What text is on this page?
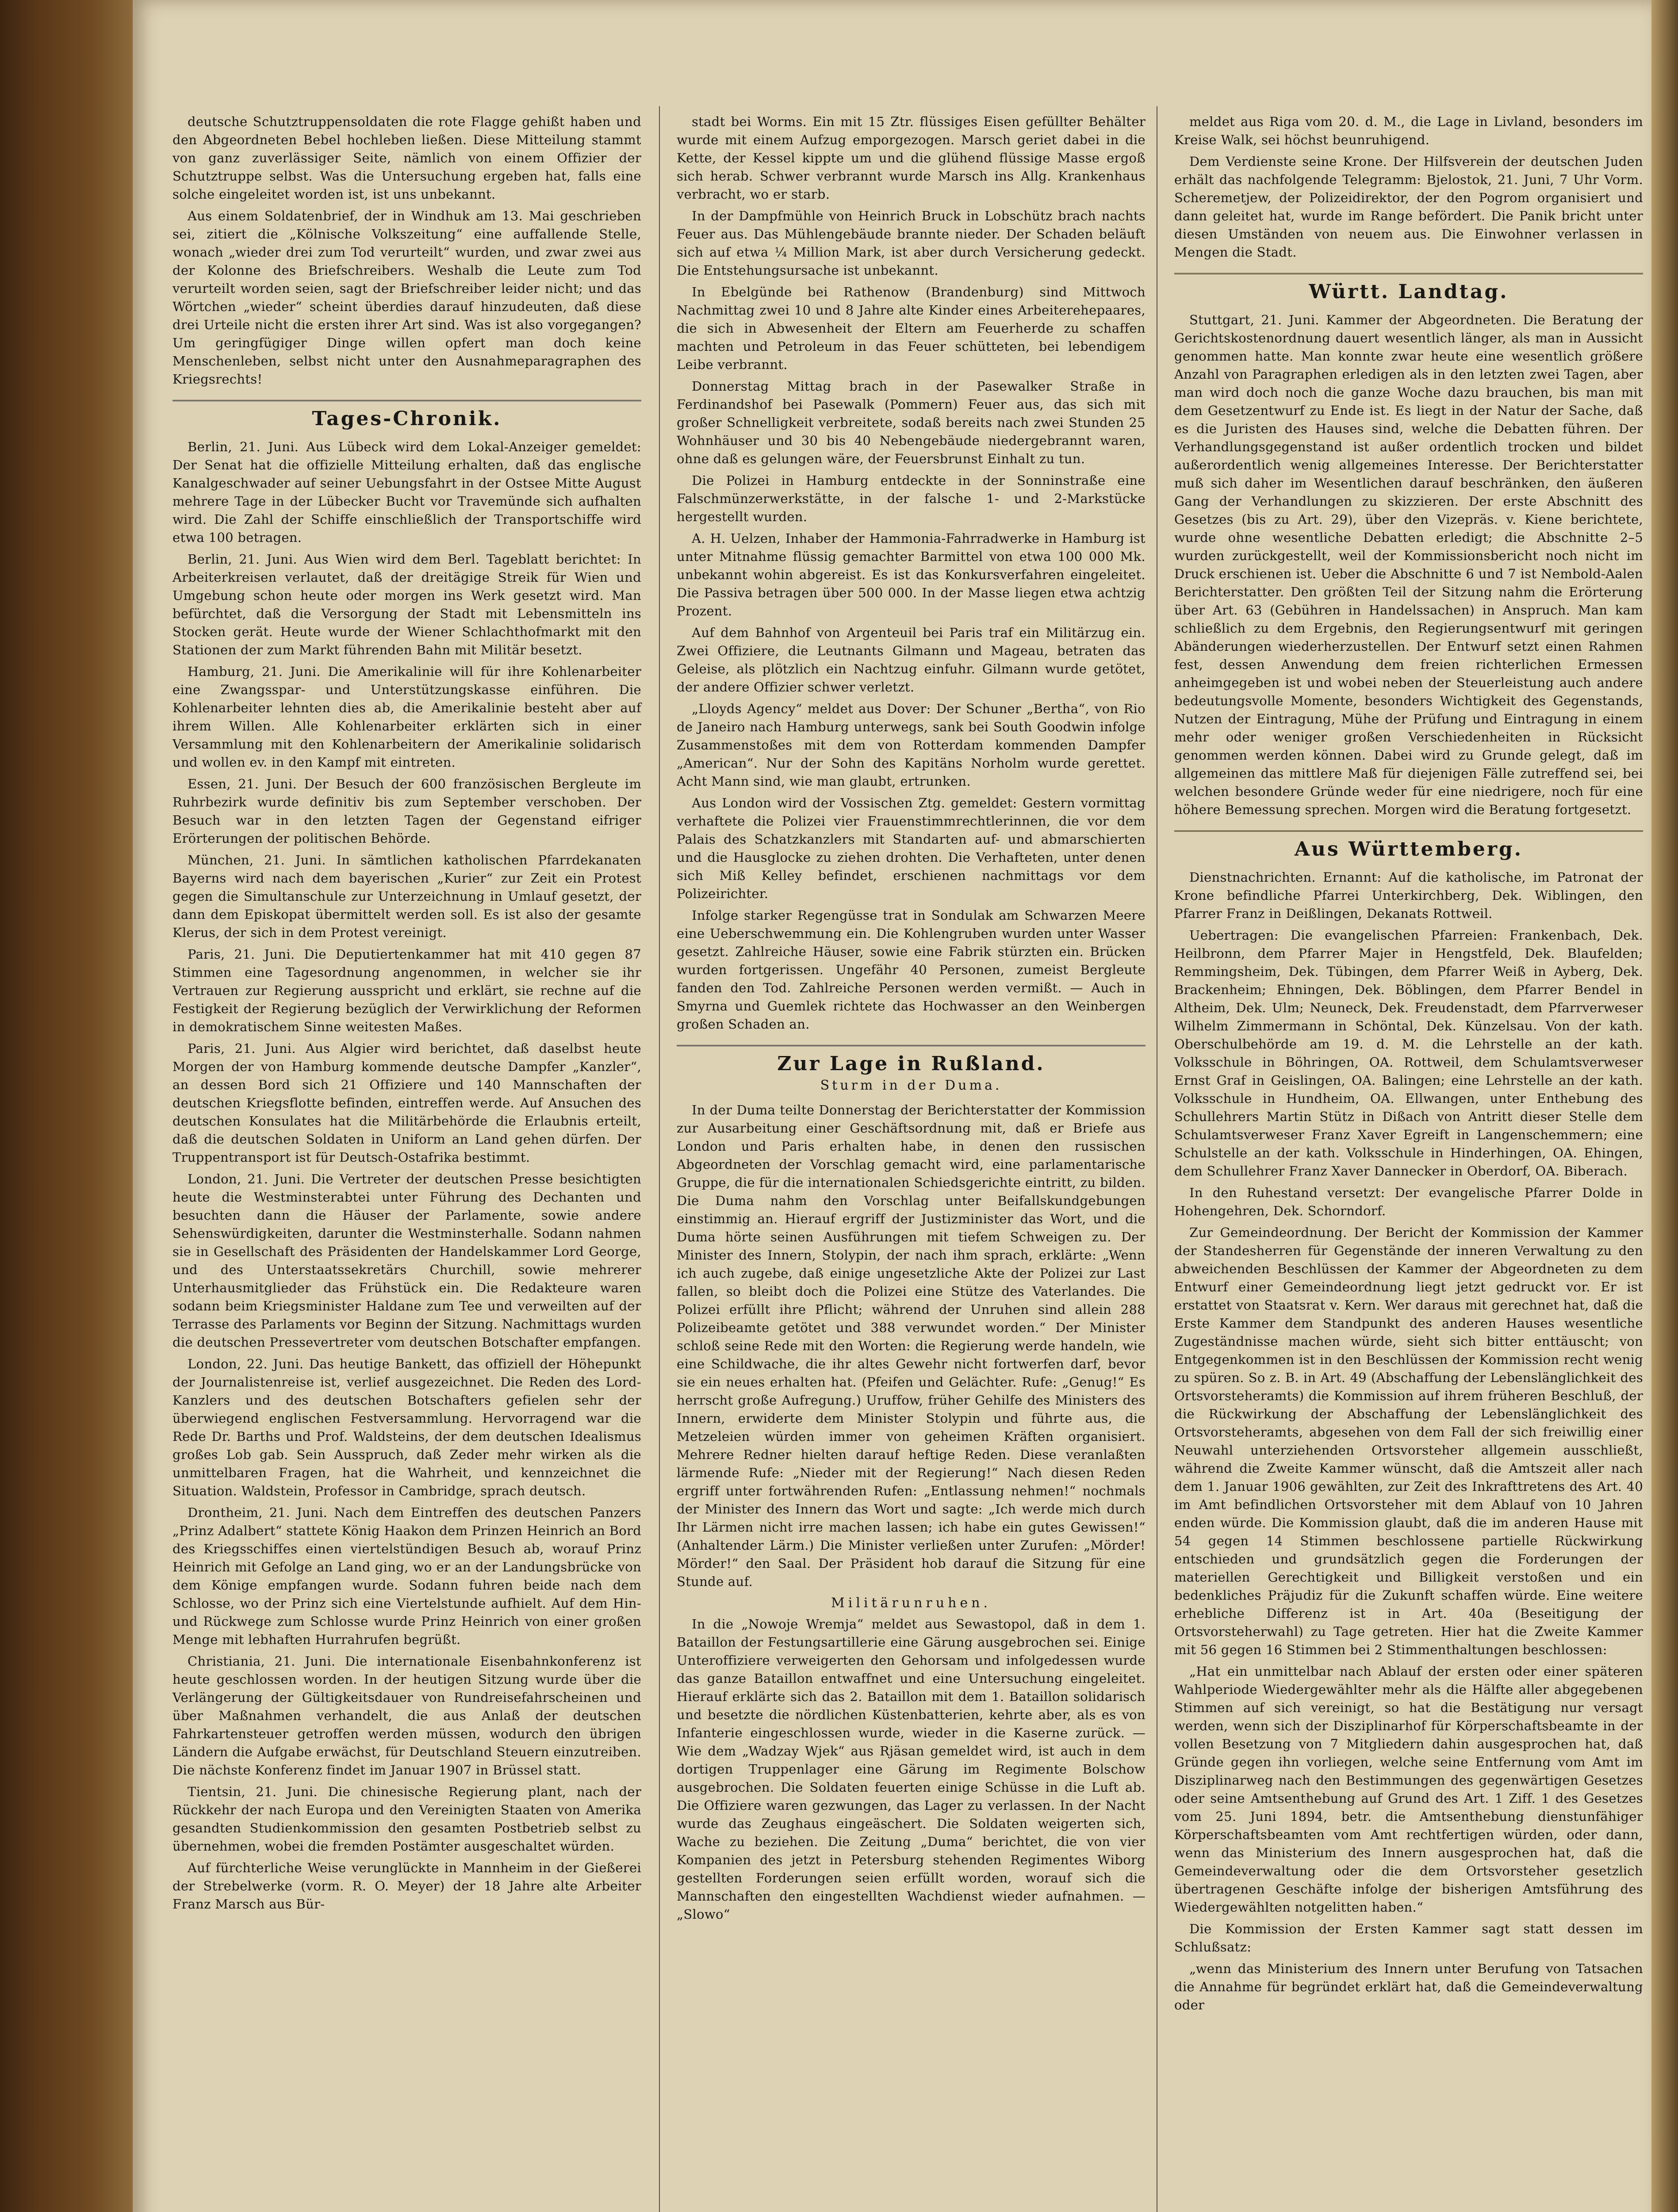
deutsche Schutztruppensoldaten die rote Flagge gehißt haben und den Abgeordneten Bebel hochleben ließen. Diese Mitteilung stammt von ganz zuverlässiger Seite, nämlich von einem Offizier der Schutztruppe selbst. Was die Untersuchung ergeben hat, falls eine solche eingeleitet worden ist, ist uns unbekannt.

Aus einem Soldatenbrief, der in Windhuk am 13. Mai geschrieben sei, zitiert die „Kölnische Volkszeitung“ eine auffallende Stelle, wonach „wieder drei zum Tod verurteilt“ wurden, und zwar zwei aus der Kolonne des Briefschreibers. Weshalb die Leute zum Tod verurteilt worden seien, sagt der Briefschreiber leider nicht; und das Wörtchen „wieder“ scheint überdies darauf hinzudeuten, daß diese drei Urteile nicht die ersten ihrer Art sind. Was ist also vorgegangen? Um geringfügiger Dinge willen opfert man doch keine Menschenleben, selbst nicht unter den Ausnahmeparagraphen des Kriegsrechts!

Tages-Chronik.

Berlin, 21. Juni. Aus Lübeck wird dem Lokal-Anzeiger gemeldet: Der Senat hat die offizielle Mitteilung erhalten, daß das englische Kanalgeschwader auf seiner Uebungsfahrt in der Ostsee Mitte August mehrere Tage in der Lübecker Bucht vor Travemünde sich aufhalten wird. Die Zahl der Schiffe einschließlich der Transportschiffe wird etwa 100 betragen.

Berlin, 21. Juni. Aus Wien wird dem Berl. Tageblatt berichtet: In Arbeiterkreisen verlautet, daß der dreitägige Streik für Wien und Umgebung schon heute oder morgen ins Werk gesetzt wird. Man befürchtet, daß die Versorgung der Stadt mit Lebensmitteln ins Stocken gerät. Heute wurde der Wiener Schlachthofmarkt mit den Stationen der zum Markt führenden Bahn mit Militär besetzt.

Hamburg, 21. Juni. Die Amerikalinie will für ihre Kohlenarbeiter eine Zwangsspar- und Unterstützungskasse einführen. Die Kohlenarbeiter lehnten dies ab, die Amerikalinie besteht aber auf ihrem Willen. Alle Kohlenarbeiter erklärten sich in einer Versammlung mit den Kohlenarbeitern der Amerikalinie solidarisch und wollen ev. in den Kampf mit eintreten.

Essen, 21. Juni. Der Besuch der 600 französischen Bergleute im Ruhrbezirk wurde definitiv bis zum September verschoben. Der Besuch war in den letzten Tagen der Gegenstand eifriger Erörterungen der politischen Behörde.

München, 21. Juni. In sämtlichen katholischen Pfarrdekanaten Bayerns wird nach dem bayerischen „Kurier“ zur Zeit ein Protest gegen die Simultanschule zur Unterzeichnung in Umlauf gesetzt, der dann dem Episkopat übermittelt werden soll. Es ist also der gesamte Klerus, der sich in dem Protest vereinigt.

Paris, 21. Juni. Die Deputiertenkammer hat mit 410 gegen 87 Stimmen eine Tagesordnung angenommen, in welcher sie ihr Vertrauen zur Regierung ausspricht und erklärt, sie rechne auf die Festigkeit der Regierung bezüglich der Verwirklichung der Reformen in demokratischem Sinne weitesten Maßes.

Paris, 21. Juni. Aus Algier wird berichtet, daß daselbst heute Morgen der von Hamburg kommende deutsche Dampfer „Kanzler“, an dessen Bord sich 21 Offiziere und 140 Mannschaften der deutschen Kriegsflotte befinden, eintreffen werde. Auf Ansuchen des deutschen Konsulates hat die Militärbehörde die Erlaubnis erteilt, daß die deutschen Soldaten in Uniform an Land gehen dürfen. Der Truppentransport ist für Deutsch-Ostafrika bestimmt.

London, 21. Juni. Die Vertreter der deutschen Presse besichtigten heute die Westminsterabtei unter Führung des Dechanten und besuchten dann die Häuser der Parlamente, sowie andere Sehenswürdigkeiten, darunter die Westminsterhalle. Sodann nahmen sie in Gesellschaft des Präsidenten der Handelskammer Lord George, und des Unterstaatssekretärs Churchill, sowie mehrerer Unterhausmitglieder das Frühstück ein. Die Redakteure waren sodann beim Kriegsminister Haldane zum Tee und verweilten auf der Terrasse des Parlaments vor Beginn der Sitzung. Nachmittags wurden die deutschen Pressevertreter vom deutschen Botschafter empfangen.

London, 22. Juni. Das heutige Bankett, das offiziell der Höhepunkt der Journalistenreise ist, verlief ausgezeichnet. Die Reden des Lord-Kanzlers und des deutschen Botschafters gefielen sehr der überwiegend englischen Festversammlung. Hervorragend war die Rede Dr. Barths und Prof. Waldsteins, der dem deutschen Idealismus großes Lob gab. Sein Ausspruch, daß Zeder mehr wirken als die unmittelbaren Fragen, hat die Wahrheit, und kennzeichnet die Situation. Waldstein, Professor in Cambridge, sprach deutsch.

Drontheim, 21. Juni. Nach dem Eintreffen des deutschen Panzers „Prinz Adalbert“ stattete König Haakon dem Prinzen Heinrich an Bord des Kriegsschiffes einen viertelstündigen Besuch ab, worauf Prinz Heinrich mit Gefolge an Land ging, wo er an der Landungsbrücke von dem Könige empfangen wurde. Sodann fuhren beide nach dem Schlosse, wo der Prinz sich eine Viertelstunde aufhielt. Auf dem Hin- und Rückwege zum Schlosse wurde Prinz Heinrich von einer großen Menge mit lebhaften Hurrahrufen begrüßt.

Christiania, 21. Juni. Die internationale Eisenbahnkonferenz ist heute geschlossen worden. In der heutigen Sitzung wurde über die Verlängerung der Gültigkeitsdauer von Rundreisefahrscheinen und über Maßnahmen verhandelt, die aus Anlaß der deutschen Fahrkartensteuer getroffen werden müssen, wodurch den übrigen Ländern die Aufgabe erwächst, für Deutschland Steuern einzutreiben. Die nächste Konferenz findet im Januar 1907 in Brüssel statt.

Tientsin, 21. Juni. Die chinesische Regierung plant, nach der Rückkehr der nach Europa und den Vereinigten Staaten von Amerika gesandten Studienkommission den gesamten Postbetrieb selbst zu übernehmen, wobei die fremden Postämter ausgeschaltet würden.

Auf fürchterliche Weise verunglückte in Mannheim in der Gießerei der Strebelwerke (vorm. R. O. Meyer) der 18 Jahre alte Arbeiter Franz Marsch aus Bür-

stadt bei Worms. Ein mit 15 Ztr. flüssiges Eisen gefüllter Behälter wurde mit einem Aufzug emporgezogen. Marsch geriet dabei in die Kette, der Kessel kippte um und die glühend flüssige Masse ergoß sich herab. Schwer verbrannt wurde Marsch ins Allg. Krankenhaus verbracht, wo er starb.

In der Dampfmühle von Heinrich Bruck in Lobschütz brach nachts Feuer aus. Das Mühlengebäude brannte nieder. Der Schaden beläuft sich auf etwa ¼ Million Mark, ist aber durch Versicherung gedeckt. Die Entstehungsursache ist unbekannt.

In Ebelgünde bei Rathenow (Brandenburg) sind Mittwoch Nachmittag zwei 10 und 8 Jahre alte Kinder eines Arbeiterehepaares, die sich in Abwesenheit der Eltern am Feuerherde zu schaffen machten und Petroleum in das Feuer schütteten, bei lebendigem Leibe verbrannt.

Donnerstag Mittag brach in der Pasewalker Straße in Ferdinandshof bei Pasewalk (Pommern) Feuer aus, das sich mit großer Schnelligkeit verbreitete, sodaß bereits nach zwei Stunden 25 Wohnhäuser und 30 bis 40 Nebengebäude niedergebrannt waren, ohne daß es gelungen wäre, der Feuersbrunst Einhalt zu tun.

Die Polizei in Hamburg entdeckte in der Sonninstraße eine Falschmünzerwerkstätte, in der falsche 1- und 2-Markstücke hergestellt wurden.

A. H. Uelzen, Inhaber der Hammonia-Fahrradwerke in Hamburg ist unter Mitnahme flüssig gemachter Barmittel von etwa 100 000 Mk. unbekannt wohin abgereist. Es ist das Konkursverfahren eingeleitet. Die Passiva betragen über 500 000. In der Masse liegen etwa achtzig Prozent.

Auf dem Bahnhof von Argenteuil bei Paris traf ein Militärzug ein. Zwei Offiziere, die Leutnants Gilmann und Mageau, betraten das Geleise, als plötzlich ein Nachtzug einfuhr. Gilmann wurde getötet, der andere Offizier schwer verletzt.

„Lloyds Agency“ meldet aus Dover: Der Schuner „Bertha“, von Rio de Janeiro nach Hamburg unterwegs, sank bei South Goodwin infolge Zusammenstoßes mit dem von Rotterdam kommenden Dampfer „American“. Nur der Sohn des Kapitäns Norholm wurde gerettet. Acht Mann sind, wie man glaubt, ertrunken.

Aus London wird der Vossischen Ztg. gemeldet: Gestern vormittag verhaftete die Polizei vier Frauenstimmrechtlerinnen, die vor dem Palais des Schatzkanzlers mit Standarten auf- und abmarschierten und die Hausglocke zu ziehen drohten. Die Verhafteten, unter denen sich Miß Kelley befindet, erschienen nachmittags vor dem Polizeirichter.

Infolge starker Regengüsse trat in Sondulak am Schwarzen Meere eine Ueberschwemmung ein. Die Kohlengruben wurden unter Wasser gesetzt. Zahlreiche Häuser, sowie eine Fabrik stürzten ein. Brücken wurden fortgerissen. Ungefähr 40 Personen, zumeist Bergleute fanden den Tod. Zahlreiche Personen werden vermißt. — Auch in Smyrna und Guemlek richtete das Hochwasser an den Weinbergen großen Schaden an.

Zur Lage in Rußland.
Sturm in der Duma.

In der Duma teilte Donnerstag der Berichterstatter der Kommission zur Ausarbeitung einer Geschäftsordnung mit, daß er Briefe aus London und Paris erhalten habe, in denen den russischen Abgeordneten der Vorschlag gemacht wird, eine parlamentarische Gruppe, die für die internationalen Schiedsgerichte eintritt, zu bilden. Die Duma nahm den Vorschlag unter Beifallskundgebungen einstimmig an. Hierauf ergriff der Justizminister das Wort, und die Duma hörte seinen Ausführungen mit tiefem Schweigen zu. Der Minister des Innern, Stolypin, der nach ihm sprach, erklärte: „Wenn ich auch zugebe, daß einige ungesetzliche Akte der Polizei zur Last fallen, so bleibt doch die Polizei eine Stütze des Vaterlandes. Die Polizei erfüllt ihre Pflicht; während der Unruhen sind allein 288 Polizeibeamte getötet und 388 verwundet worden.“ Der Minister schloß seine Rede mit den Worten: die Regierung werde handeln, wie eine Schildwache, die ihr altes Gewehr nicht fortwerfen darf, bevor sie ein neues erhalten hat. (Pfeifen und Gelächter. Rufe: „Genug!“ Es herrscht große Aufregung.) Uruffow, früher Gehilfe des Ministers des Innern, erwiderte dem Minister Stolypin und führte aus, die Metzeleien würden immer von geheimen Kräften organisiert. Mehrere Redner hielten darauf heftige Reden. Diese veranlaßten lärmende Rufe: „Nieder mit der Regierung!“ Nach diesen Reden ergriff unter fortwährenden Rufen: „Entlassung nehmen!“ nochmals der Minister des Innern das Wort und sagte: „Ich werde mich durch Ihr Lärmen nicht irre machen lassen; ich habe ein gutes Gewissen!“ (Anhaltender Lärm.) Die Minister verließen unter Zurufen: „Mörder! Mörder!“ den Saal. Der Präsident hob darauf die Sitzung für eine Stunde auf.

Militärunruhen.

In die „Nowoje Wremja“ meldet aus Sewastopol, daß in dem 1. Bataillon der Festungsartillerie eine Gärung ausgebrochen sei. Einige Unteroffiziere verweigerten den Gehorsam und infolgedessen wurde das ganze Bataillon entwaffnet und eine Untersuchung eingeleitet. Hierauf erklärte sich das 2. Bataillon mit dem 1. Bataillon solidarisch und besetzte die nördlichen Küstenbatterien, kehrte aber, als es von Infanterie eingeschlossen wurde, wieder in die Kaserne zurück. — Wie dem „Wadzay Wjek“ aus Rjäsan gemeldet wird, ist auch in dem dortigen Truppenlager eine Gärung im Regimente Bolschow ausgebrochen. Die Soldaten feuerten einige Schüsse in die Luft ab. Die Offiziere waren gezwungen, das Lager zu verlassen. In der Nacht wurde das Zeughaus eingeäschert. Die Soldaten weigerten sich, Wache zu beziehen. Die Zeitung „Duma“ berichtet, die von vier Kompanien des jetzt in Petersburg stehenden Regimentes Wiborg gestellten Forderungen seien erfüllt worden, worauf sich die Mannschaften den eingestellten Wachdienst wieder aufnahmen. — „Slowo“

meldet aus Riga vom 20. d. M., die Lage in Livland, besonders im Kreise Walk, sei höchst beunruhigend.

Dem Verdienste seine Krone. Der Hilfsverein der deutschen Juden erhält das nachfolgende Telegramm: Bjelostok, 21. Juni, 7 Uhr Vorm. Scheremetjew, der Polizeidirektor, der den Pogrom organisiert und dann geleitet hat, wurde im Range befördert. Die Panik bricht unter diesen Umständen von neuem aus. Die Einwohner verlassen in Mengen die Stadt.

Württ. Landtag.

Stuttgart, 21. Juni. Kammer der Abgeordneten. Die Beratung der Gerichtskostenordnung dauert wesentlich länger, als man in Aussicht genommen hatte. Man konnte zwar heute eine wesentlich größere Anzahl von Paragraphen erledigen als in den letzten zwei Tagen, aber man wird doch noch die ganze Woche dazu brauchen, bis man mit dem Gesetzentwurf zu Ende ist. Es liegt in der Natur der Sache, daß es die Juristen des Hauses sind, welche die Debatten führen. Der Verhandlungsgegenstand ist außer ordentlich trocken und bildet außerordentlich wenig allgemeines Interesse. Der Berichterstatter muß sich daher im Wesentlichen darauf beschränken, den äußeren Gang der Verhandlungen zu skizzieren. Der erste Abschnitt des Gesetzes (bis zu Art. 29), über den Vizepräs. v. Kiene berichtete, wurde ohne wesentliche Debatten erledigt; die Abschnitte 2–5 wurden zurückgestellt, weil der Kommissionsbericht noch nicht im Druck erschienen ist. Ueber die Abschnitte 6 und 7 ist Nembold-Aalen Berichterstatter. Den größten Teil der Sitzung nahm die Erörterung über Art. 63 (Gebühren in Handelssachen) in Anspruch. Man kam schließlich zu dem Ergebnis, den Regierungsentwurf mit geringen Abänderungen wiederherzustellen. Der Entwurf setzt einen Rahmen fest, dessen Anwendung dem freien richterlichen Ermessen anheimgegeben ist und wobei neben der Steuerleistung auch andere bedeutungsvolle Momente, besonders Wichtigkeit des Gegenstands, Nutzen der Eintragung, Mühe der Prüfung und Eintragung in einem mehr oder weniger großen Verschiedenheiten in Rücksicht genommen werden können. Dabei wird zu Grunde gelegt, daß im allgemeinen das mittlere Maß für diejenigen Fälle zutreffend sei, bei welchen besondere Gründe weder für eine niedrigere, noch für eine höhere Bemessung sprechen. Morgen wird die Beratung fortgesetzt.

Aus Württemberg.

Dienstnachrichten. Ernannt: Auf die katholische, im Patronat der Krone befindliche Pfarrei Unterkirchberg, Dek. Wiblingen, den Pfarrer Franz in Deißlingen, Dekanats Rottweil.

Uebertragen: Die evangelischen Pfarreien: Frankenbach, Dek. Heilbronn, dem Pfarrer Majer in Hengstfeld, Dek. Blaufelden; Remmingsheim, Dek. Tübingen, dem Pfarrer Weiß in Ayberg, Dek. Brackenheim; Ehningen, Dek. Böblingen, dem Pfarrer Bendel in Altheim, Dek. Ulm; Neuneck, Dek. Freudenstadt, dem Pfarrverweser Wilhelm Zimmermann in Schöntal, Dek. Künzelsau. Von der kath. Oberschulbehörde am 19. d. M. die Lehrstelle an der kath. Volksschule in Böhringen, OA. Rottweil, dem Schulamtsverweser Ernst Graf in Geislingen, OA. Balingen; eine Lehrstelle an der kath. Volksschule in Hundheim, OA. Ellwangen, unter Enthebung des Schullehrers Martin Stütz in Dißach von Antritt dieser Stelle dem Schulamtsverweser Franz Xaver Egreift in Langenschemmern; eine Schulstelle an der kath. Volksschule in Hinderhingen, OA. Ehingen, dem Schullehrer Franz Xaver Dannecker in Oberdorf, OA. Biberach.

In den Ruhestand versetzt: Der evangelische Pfarrer Dolde in Hohengehren, Dek. Schorndorf.

Zur Gemeindeordnung. Der Bericht der Kommission der Kammer der Standesherren für Gegenstände der inneren Verwaltung zu den abweichenden Beschlüssen der Kammer der Abgeordneten zu dem Entwurf einer Gemeindeordnung liegt jetzt gedruckt vor. Er ist erstattet von Staatsrat v. Kern. Wer daraus mit gerechnet hat, daß die Erste Kammer dem Standpunkt des anderen Hauses wesentliche Zugeständnisse machen würde, sieht sich bitter enttäuscht; von Entgegenkommen ist in den Beschlüssen der Kommission recht wenig zu spüren. So z. B. in Art. 49 (Abschaffung der Lebenslänglichkeit des Ortsvorsteheramts) die Kommission auf ihrem früheren Beschluß, der die Rückwirkung der Abschaffung der Lebenslänglichkeit des Ortsvorsteheramts, abgesehen von dem Fall der sich freiwillig einer Neuwahl unterziehenden Ortsvorsteher allgemein ausschließt, während die Zweite Kammer wünscht, daß die Amtszeit aller nach dem 1. Januar 1906 gewählten, zur Zeit des Inkrafttretens des Art. 40 im Amt befindlichen Ortsvorsteher mit dem Ablauf von 10 Jahren enden würde. Die Kommission glaubt, daß die im anderen Hause mit 54 gegen 14 Stimmen beschlossene partielle Rückwirkung entschieden und grundsätzlich gegen die Forderungen der materiellen Gerechtigkeit und Billigkeit verstoßen und ein bedenkliches Präjudiz für die Zukunft schaffen würde. Eine weitere erhebliche Differenz ist in Art. 40a (Beseitigung der Ortsvorsteherwahl) zu Tage getreten. Hier hat die Zweite Kammer mit 56 gegen 16 Stimmen bei 2 Stimmenthaltungen beschlossen:

„Hat ein unmittelbar nach Ablauf der ersten oder einer späteren Wahlperiode Wiedergewählter mehr als die Hälfte aller abgegebenen Stimmen auf sich vereinigt, so hat die Bestätigung nur versagt werden, wenn sich der Disziplinarhof für Körperschaftsbeamte in der vollen Besetzung von 7 Mitgliedern dahin ausgesprochen hat, daß Gründe gegen ihn vorliegen, welche seine Entfernung vom Amt im Disziplinarweg nach den Bestimmungen des gegenwärtigen Gesetzes oder seine Amtsenthebung auf Grund des Art. 1 Ziff. 1 des Gesetzes vom 25. Juni 1894, betr. die Amtsenthebung dienstunfähiger Körperschaftsbeamten vom Amt rechtfertigen würden, oder dann, wenn das Ministerium des Innern ausgesprochen hat, daß die Gemeindeverwaltung oder die dem Ortsvorsteher gesetzlich übertragenen Geschäfte infolge der bisherigen Amtsführung des Wiedergewählten notgelitten haben.“

Die Kommission der Ersten Kammer sagt statt dessen im Schlußsatz:

„wenn das Ministerium des Innern unter Berufung von Tatsachen die Annahme für begründet erklärt hat, daß die Gemeindeverwaltung oder
